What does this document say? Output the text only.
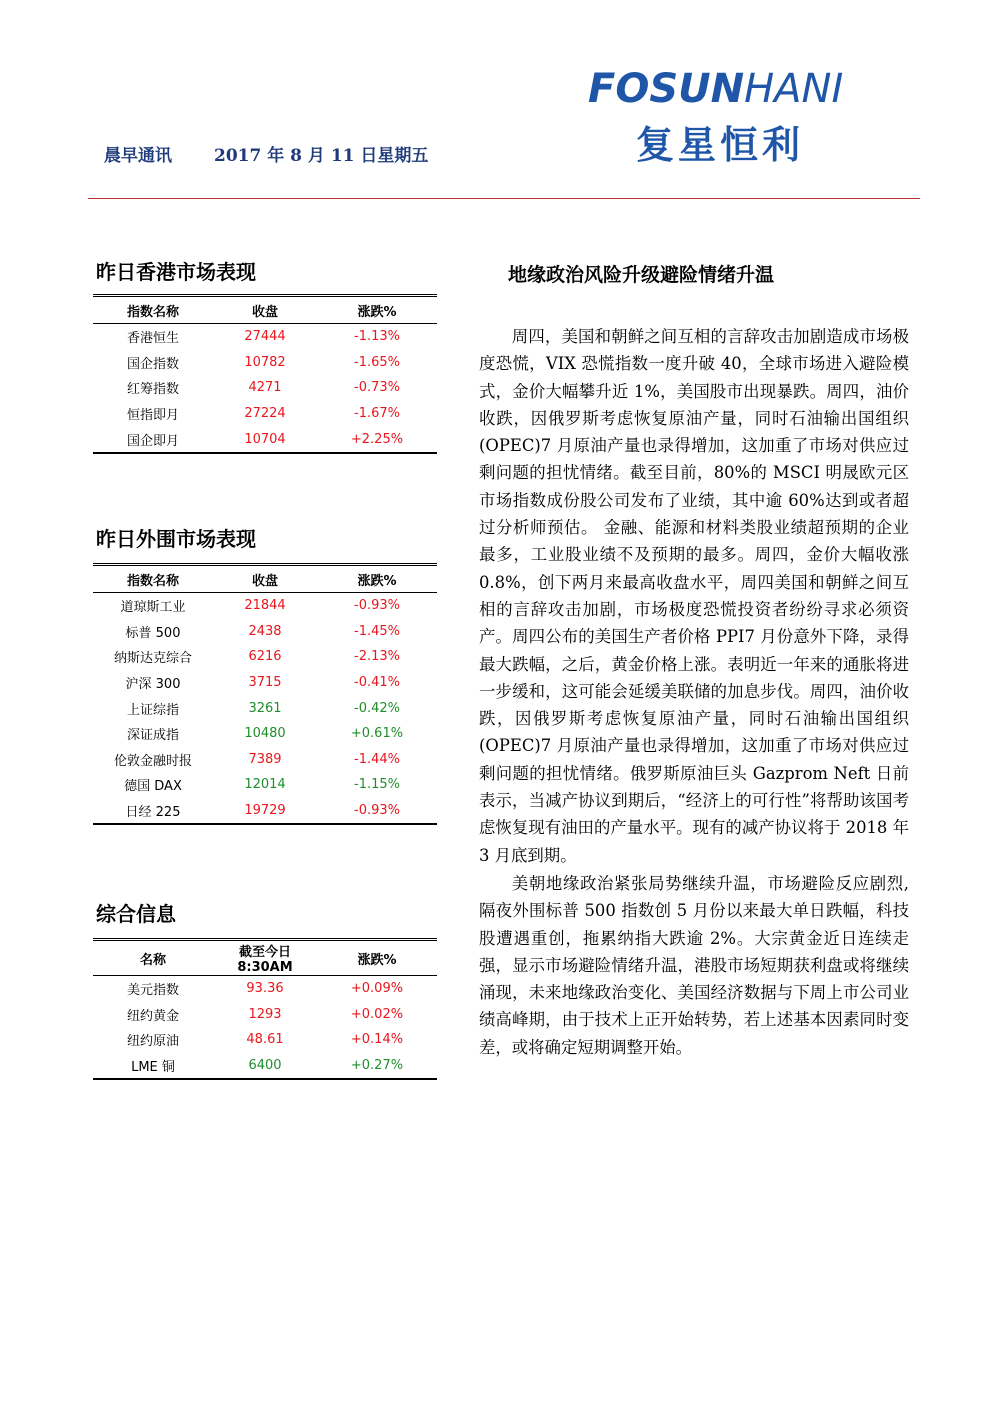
FOSUNHANI
复星恒利
晨早通讯 2017 年 8 月 11 日星期五
昨日香港市场表现
指数名称	收盘	涨跌%
香港恒生	27444	-1.13%
国企指数	10782	-1.65%
红筹指数	4271	-0.73%
恒指即月	27224	-1.67%
国企即月	10704	+2.25%
昨日外围市场表现
指数名称	收盘	涨跌%
道琼斯工业	21844	-0.93%
标普 500	2438	-1.45%
纳斯达克综合	6216	-2.13%
沪深 300	3715	-0.41%
上证综指	3261	-0.42%
深证成指	10480	+0.61%
伦敦金融时报	7389	-1.44%
德国 DAX	12014	-1.15%
日经 225	19729	-0.93%
综合信息
名称	截至今日 8:30AM	涨跌%
美元指数	93.36	+0.09%
纽约黄金	1293	+0.02%
纽约原油	48.61	+0.14%
LME 铜	6400	+0.27%
地缘政治风险升级避险情绪升温

周四，美国和朝鲜之间互相的言辞攻击加剧造成市场极度恐慌，VIX 恐慌指数一度升破 40，全球市场进入避险模式，金价大幅攀升近 1%，美国股市出现暴跌。周四，油价收跌，因俄罗斯考虑恢复原油产量，同时石油输出国组织(OPEC)7 月原油产量也录得增加，这加重了市场对供应过剩问题的担忧情绪。截至目前，80%的 MSCI 明晟欧元区市场指数成份股公司发布了业绩，其中逾 60%达到或者超过分析师预估。 金融、能源和材料类股业绩超预期的企业最多，工业股业绩不及预期的最多。周四，金价大幅收涨 0.8%，创下两月来最高收盘水平，周四美国和朝鲜之间互相的言辞攻击加剧，市场极度恐慌投资者纷纷寻求必须资产。周四公布的美国生产者价格 PPI7 月份意外下降，录得最大跌幅，之后，黄金价格上涨。表明近一年来的通胀将进一步缓和，这可能会延缓美联储的加息步伐。周四，油价收跌，因俄罗斯考虑恢复原油产量，同时石油输出国组织(OPEC)7 月原油产量也录得增加，这加重了市场对供应过剩问题的担忧情绪。俄罗斯原油巨头 Gazprom Neft 日前表示，当减产协议到期后，“经济上的可行性”将帮助该国考虑恢复现有油田的产量水平。现有的减产协议将于 2018 年 3 月底到期。

美朝地缘政治紧张局势继续升温，市场避险反应剧烈,隔夜外围标普 500 指数创 5 月份以来最大单日跌幅，科技股遭遇重创，拖累纳指大跌逾 2%。大宗黄金近日连续走强，显示市场避险情绪升温，港股市场短期获利盘或将继续涌现，未来地缘政治变化、美国经济数据与下周上市公司业绩高峰期，由于技术上正开始转势，若上述基本因素同时变差，或将确定短期调整开始。
